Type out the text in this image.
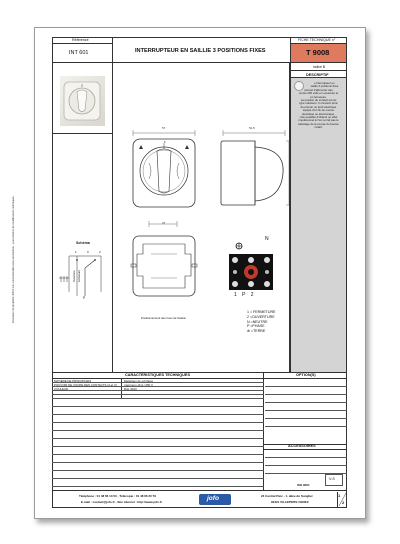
Document de propriété JOFO non communicable sans autorisation - sous réserve de modifications techniques
Référence
INT 601	INTERRUPTEUR EN SAILLIE 3 POSITIONS FIXES
FICHE TECHNIQUE n°
T 9008
indice B
DESCRIPTIF
Schéma
1	0	2
P
Ouverture Fermeture
57
8
51.5
37
Positionnement des trous de fixation
N
1 P 2
1 = FERMETURE
2 =OUVERTURE
N =NEUTRE
P =PHASE
⊕ =TERRE
L'interrupteur en
saillie 3 positions fixes
permet d'alimenter des
verres 230 volts en ouverture et
en fermeture.
La position du contact est du
type maintenu. Il convient donc
de prévoir un arrêt électrique
équipé d'un fin de course
électrique ou électronique.
Une possible d'obtenir un effet
impulsionnel si l'on ne fait pas le
sabotage de la course du bouton
rotatif.
CARACTÉRISTIQUES TECHNIQUES
MATIERE DE PRINCIPALES	Matériaux de synthèse
POUVOIR DE COUPE DES CONTACTS (A et V) maximum 10 A / 250 V
COULEUR	RAL 9010
OPTION(S)
ACCESSOIRES
V-S
ISO 9001
Téléphone : 01 48 66 13 53 - Télécopie : 01 48 66 20 79
E-mail : contact@jofo.fr - Site internet : http://www.jofo.fr	jofo	24 Central Parc - 1, allée du Songlier
93421 VILLEPINTE CEDEX
1
2
